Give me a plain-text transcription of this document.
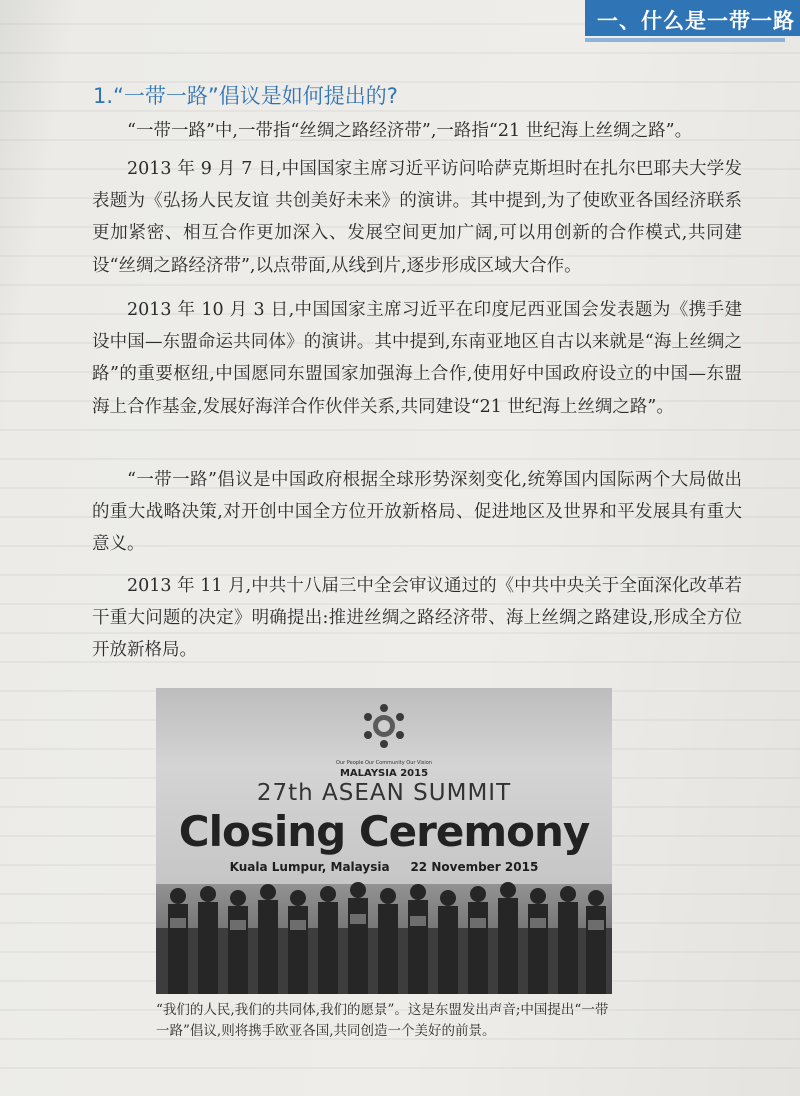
一、什么是一带一路
1.“一带一路”倡议是如何提出的?

“一带一路”中,一带指“丝绸之路经济带”,一路指“21 世纪海上丝绸之路”。

2013 年 9 月 7 日,中国国家主席习近平访问哈萨克斯坦时在扎尔巴耶夫大学发表题为《弘扬人民友谊 共创美好未来》的演讲。其中提到,为了使欧亚各国经济联系更加紧密、相互合作更加深入、发展空间更加广阔,可以用创新的合作模式,共同建设“丝绸之路经济带”,以点带面,从线到片,逐步形成区域大合作。

2013 年 10 月 3 日,中国国家主席习近平在印度尼西亚国会发表题为《携手建设中国—东盟命运共同体》的演讲。其中提到,东南亚地区自古以来就是“海上丝绸之路”的重要枢纽,中国愿同东盟国家加强海上合作,使用好中国政府设立的中国—东盟海上合作基金,发展好海洋合作伙伴关系,共同建设“21 世纪海上丝绸之路”。

“一带一路”倡议是中国政府根据全球形势深刻变化,统筹国内国际两个大局做出的重大战略决策,对开创中国全方位开放新格局、促进地区及世界和平发展具有重大意义。

2013 年 11 月,中共十八届三中全会审议通过的《中共中央关于全面深化改革若干重大问题的决定》明确提出:推进丝绸之路经济带、海上丝绸之路建设,形成全方位开放新格局。

Our People Our Community Our Vision
MALAYSIA 2015
27th ASEAN SUMMIT
Closing Ceremony
Kuala Lumpur, Malaysia 22 November 2015

“我们的人民,我们的共同体,我们的愿景”。这是东盟发出声音;中国提出“一带一路”倡议,则将携手欧亚各国,共同创造一个美好的前景。
